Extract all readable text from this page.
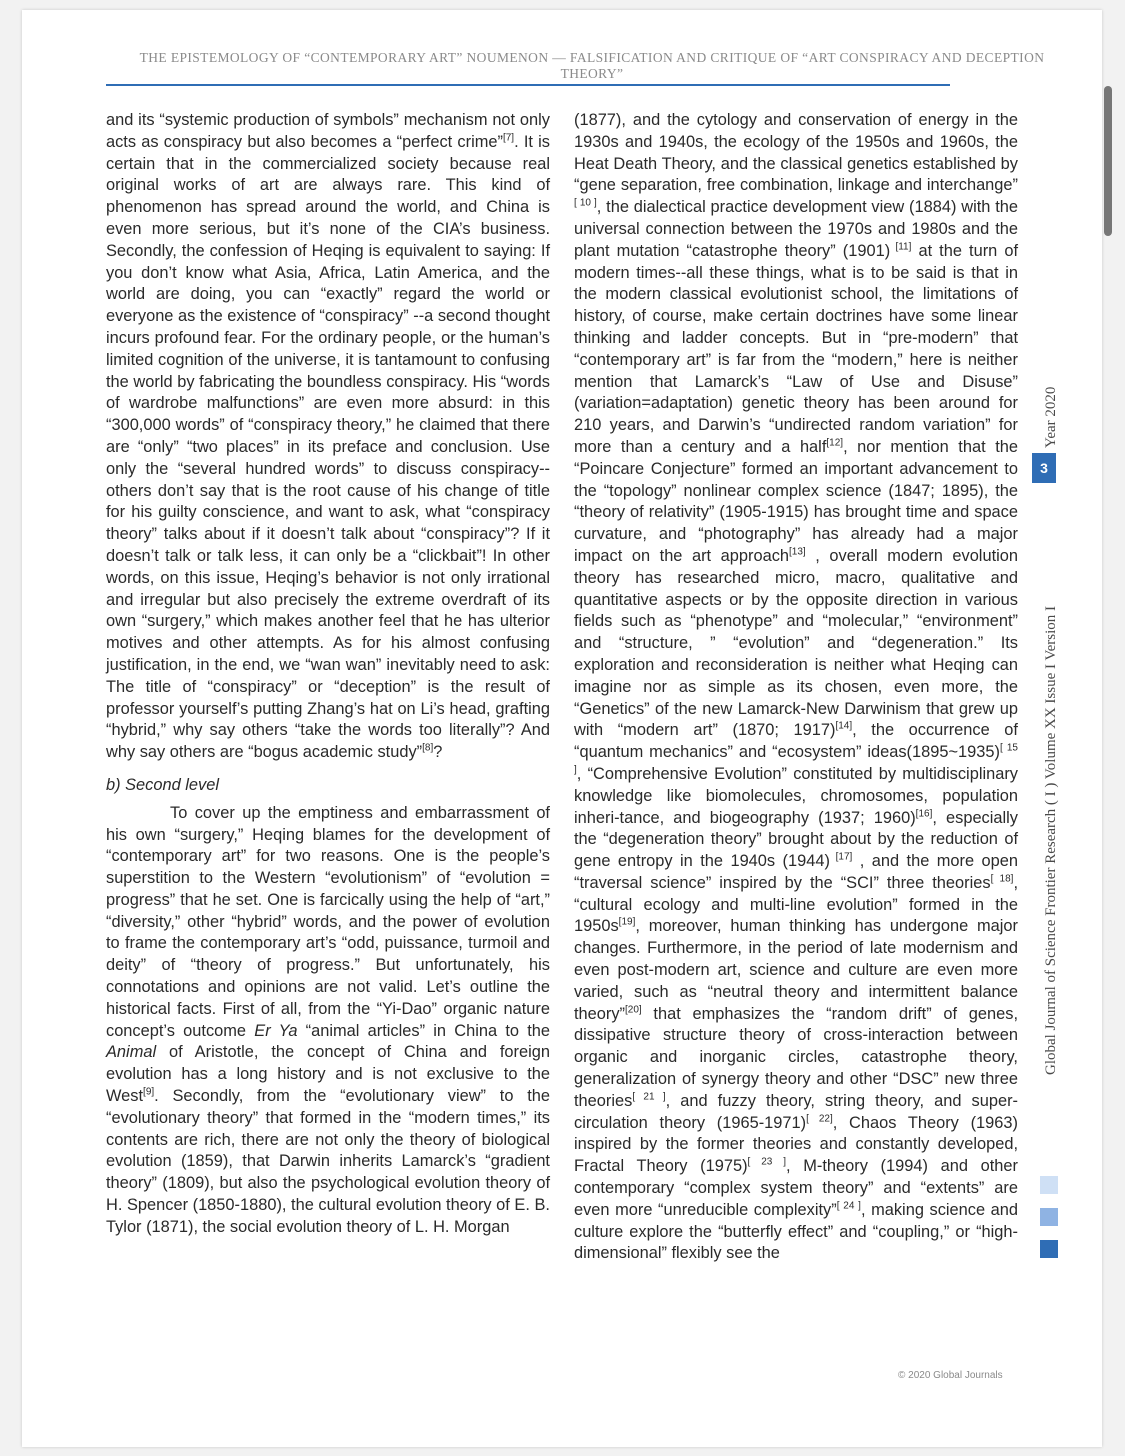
THE EPISTEMOLOGY OF “CONTEMPORARY ART” NOUMENON — FALSIFICATION AND CRITIQUE OF “ART CONSPIRACY AND DECEPTION THEORY”

and its “systemic production of symbols” mechanism not only acts as conspiracy but also becomes a “perfect crime”[7]. It is certain that in the commercialized society because real original works of art are always rare. This kind of phenomenon has spread around the world, and China is even more serious, but it’s none of the CIA’s business. Secondly, the confession of Heqing is equivalent to saying: If you don’t know what Asia, Africa, Latin America, and the world are doing, you can “exactly” regard the world or everyone as the existence of “conspiracy” --a second thought incurs profound fear. For the ordinary people, or the human’s limited cognition of the universe, it is tantamount to confusing the world by fabricating the boundless conspiracy. His “words of wardrobe malfunctions” are even more absurd: in this “300,000 words” of “conspiracy theory,” he claimed that there are “only” “two places” in its preface and conclusion. Use only the “several hundred words” to discuss conspiracy-- others don’t say that is the root cause of his change of title for his guilty conscience, and want to ask, what “conspiracy theory” talks about if it doesn’t talk about “conspiracy”? If it doesn’t talk or talk less, it can only be a “clickbait”! In other words, on this issue, Heqing’s behavior is not only irrational and irregular but also precisely the extreme overdraft of its own “surgery,” which makes another feel that he has ulterior motives and other attempts. As for his almost confusing justification, in the end, we “wan wan” inevitably need to ask: The title of “conspiracy” or “deception” is the result of professor yourself’s putting Zhang’s hat on Li’s head, grafting “hybrid,” why say others “take the words too literally”? And why say others are “bogus academic study”[8]?

b) Second level

To cover up the emptiness and embarrassment of his own “surgery,” Heqing blames for the development of “contemporary art” for two reasons. One is the people’s superstition to the Western “evolutionism” of “evolution = progress” that he set. One is farcically using the help of “art,” “diversity,” other “hybrid” words, and the power of evolution to frame the contemporary art’s “odd, puissance, turmoil and deity” of “theory of progress.” But unfortunately, his connotations and opinions are not valid. Let’s outline the historical facts. First of all, from the “Yi-Dao” organic nature concept’s outcome Er Ya “animal articles” in China to the Animal of Aristotle, the concept of China and foreign evolution has a long history and is not exclusive to the West[9]. Secondly, from the “evolutionary view” to the “evolutionary theory” that formed in the “modern times,” its contents are rich, there are not only the theory of biological evolution (1859), that Darwin inherits Lamarck’s “gradient theory” (1809), but also the psychological evolution theory of H. Spencer (1850-1880), the cultural evolution theory of E. B. Tylor (1871), the social evolution theory of L. H. Morgan

(1877), and the cytology and conservation of energy in the 1930s and 1940s, the ecology of the 1950s and 1960s, the Heat Death Theory, and the classical genetics established by “gene separation, free combination, linkage and interchange” [ 10 ], the dialectical practice development view (1884) with the universal connection between the 1970s and 1980s and the plant mutation “catastrophe theory” (1901) [11] at the turn of modern times--all these things, what is to be said is that in the modern classical evolutionist school, the limitations of history, of course, make certain doctrines have some linear thinking and ladder concepts. But in “pre-modern” that “contemporary art” is far from the “modern,” here is neither mention that Lamarck’s “Law of Use and Disuse” (variation=adaptation) genetic theory has been around for 210 years, and Darwin’s “undirected random variation” for more than a century and a half[12], nor mention that the “Poincare Conjecture” formed an important advancement to the “topology” nonlinear complex science (1847; 1895), the “theory of relativity” (1905-1915) has brought time and space curvature, and “photography” has already had a major impact on the art approach[13] , overall modern evolution theory has researched micro, macro, qualitative and quantitative aspects or by the opposite direction in various fields such as “phenotype” and “molecular,” “environment” and “structure, ” “evolution” and “degeneration.” Its exploration and reconsideration is neither what Heqing can imagine nor as simple as its chosen, even more, the “Genetics” of the new Lamarck-New Darwinism that grew up with “modern art” (1870; 1917)[14], the occurrence of “quantum mechanics” and “ecosystem” ideas(1895~1935)[ 15 ], “Comprehensive Evolution” constituted by multidisciplinary knowledge like biomolecules, chromosomes, population inheri-tance, and biogeography (1937; 1960)[16], especially the “degeneration theory” brought about by the reduction of gene entropy in the 1940s (1944) [17] , and the more open “traversal science” inspired by the “SCI” three theories[ 18], “cultural ecology and multi-line evolution” formed in the 1950s[19], moreover, human thinking has undergone major changes. Furthermore, in the period of late modernism and even post-modern art, science and culture are even more varied, such as “neutral theory and intermittent balance theory”[20] that emphasizes the “random drift” of genes, dissipative structure theory of cross-interaction between organic and inorganic circles, catastrophe theory, generalization of synergy theory and other “DSC” new three theories[ 21 ], and fuzzy theory, string theory, and super-circulation theory (1965-1971)[ 22], Chaos Theory (1963) inspired by the former theories and constantly developed, Fractal Theory (1975)[ 23 ], M-theory (1994) and other contemporary “complex system theory” and “extents” are even more “unreducible complexity”[ 24 ], making science and culture explore the “butterfly effect” and “coupling,” or “high-dimensional” flexibly see the

Global Journal of Science Frontier Research ( I ) Volume XX Issue I Version I
Year 2020
3
© 2020 Global Journals
